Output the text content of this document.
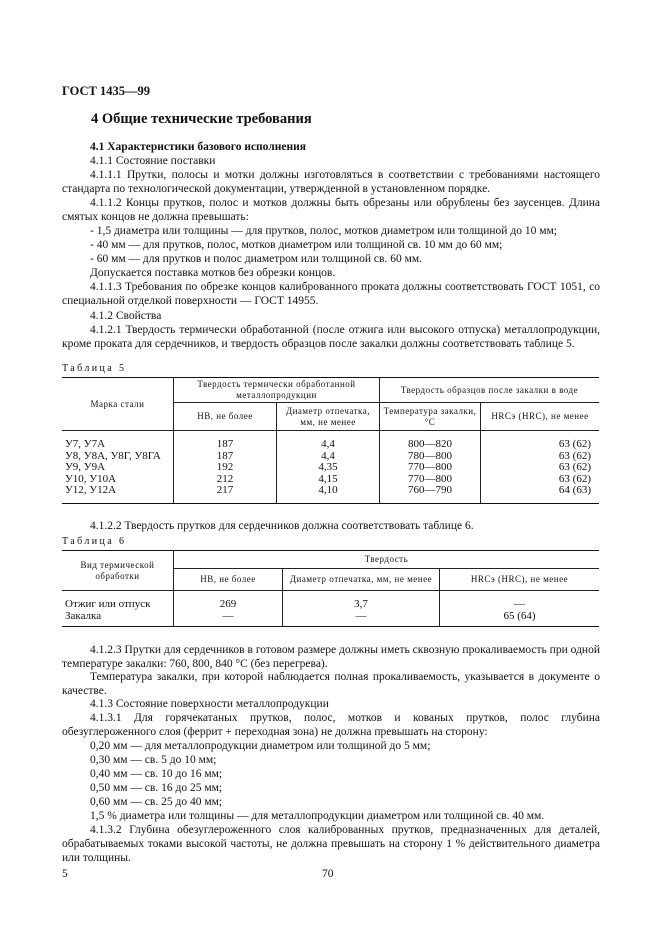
ГОСТ 1435—99
4 Общие технические требования
4.1 Характеристики базового исполнения
4.1.1 Состояние поставки
4.1.1.1 Прутки, полосы и мотки должны изготовляться в соответствии с требованиями настоящего стандарта по технологической документации, утвержденной в установленном порядке.
4.1.1.2 Концы прутков, полос и мотков должны быть обрезаны или обрублены без заусенцев. Длина смятых концов не должна превышать:
- 1,5 диаметра или толщины — для прутков, полос, мотков диаметром или толщиной до 10 мм;
- 40 мм — для прутков, полос, мотков диаметром или толщиной св. 10 мм до 60 мм;
- 60 мм — для прутков и полос диаметром или толщиной св. 60 мм.
Допускается поставка мотков без обрезки концов.
4.1.1.3 Требования по обрезке концов калиброванного проката должны соответствовать ГОСТ 1051, со специальной отделкой поверхности — ГОСТ 14955.
4.1.2 Свойства
4.1.2.1 Твердость термически обработанной (после отжига или высокого отпуска) металлопродукции, кроме проката для сердечников, и твердость образцов после закалки должны соответствовать таблице 5.
Таблица 5
Марка стали	Твердость термически обработанной металлопродукции		Твердость образцов после закалки в воде	
	HB, не более	Диаметр отпечатка, мм, не менее	Температура закалки, °С	HRCэ (HRC), не менее
У7, У7А	187	4,4	800—820	63 (62)
У8, У8А, У8Г, У8ГА	187	4,4	780—800	63 (62)
У9, У9А	192	4,35	770—800	63 (62)
У10, У10А	212	4,15	770—800	63 (62)
У12, У12А	217	4,10	760—790	64 (63)
4.1.2.2 Твердость прутков для сердечников должна соответствовать таблице 6.
Таблица 6
Вид термической обработки	Твердость		
	HB, не более	Диаметр отпечатка, мм, не менее	HRCэ (HRC), не менее
Отжиг или отпуск	269	3,7	—
Закалка	—	—	65 (64)
4.1.2.3 Прутки для сердечников в готовом размере должны иметь сквозную прокаливаемость при одной температуре закалки: 760, 800, 840 °С (без перегрева).
Температура закалки, при которой наблюдается полная прокаливаемость, указывается в документе о качестве.
4.1.3 Состояние поверхности металлопродукции
4.1.3.1 Для горячекатаных прутков, полос, мотков и кованых прутков, полос глубина обезуглероженного слоя (феррит + переходная зона) не должна превышать на сторону:
0,20 мм — для металлопродукции диаметром или толщиной до 5 мм;
0,30 мм — св. 5 до 10 мм;
0,40 мм — св. 10 до 16 мм;
0,50 мм — св. 16 до 25 мм;
0,60 мм — св. 25 до 40 мм;
1,5 % диаметра или толщины — для металлопродукции диаметром или толщиной св. 40 мм.
4.1.3.2 Глубина обезуглероженного слоя калиброванных прутков, предназначенных для деталей, обрабатываемых токами высокой частоты, не должна превышать на сторону 1 % действительного диаметра или толщины.
5	70
